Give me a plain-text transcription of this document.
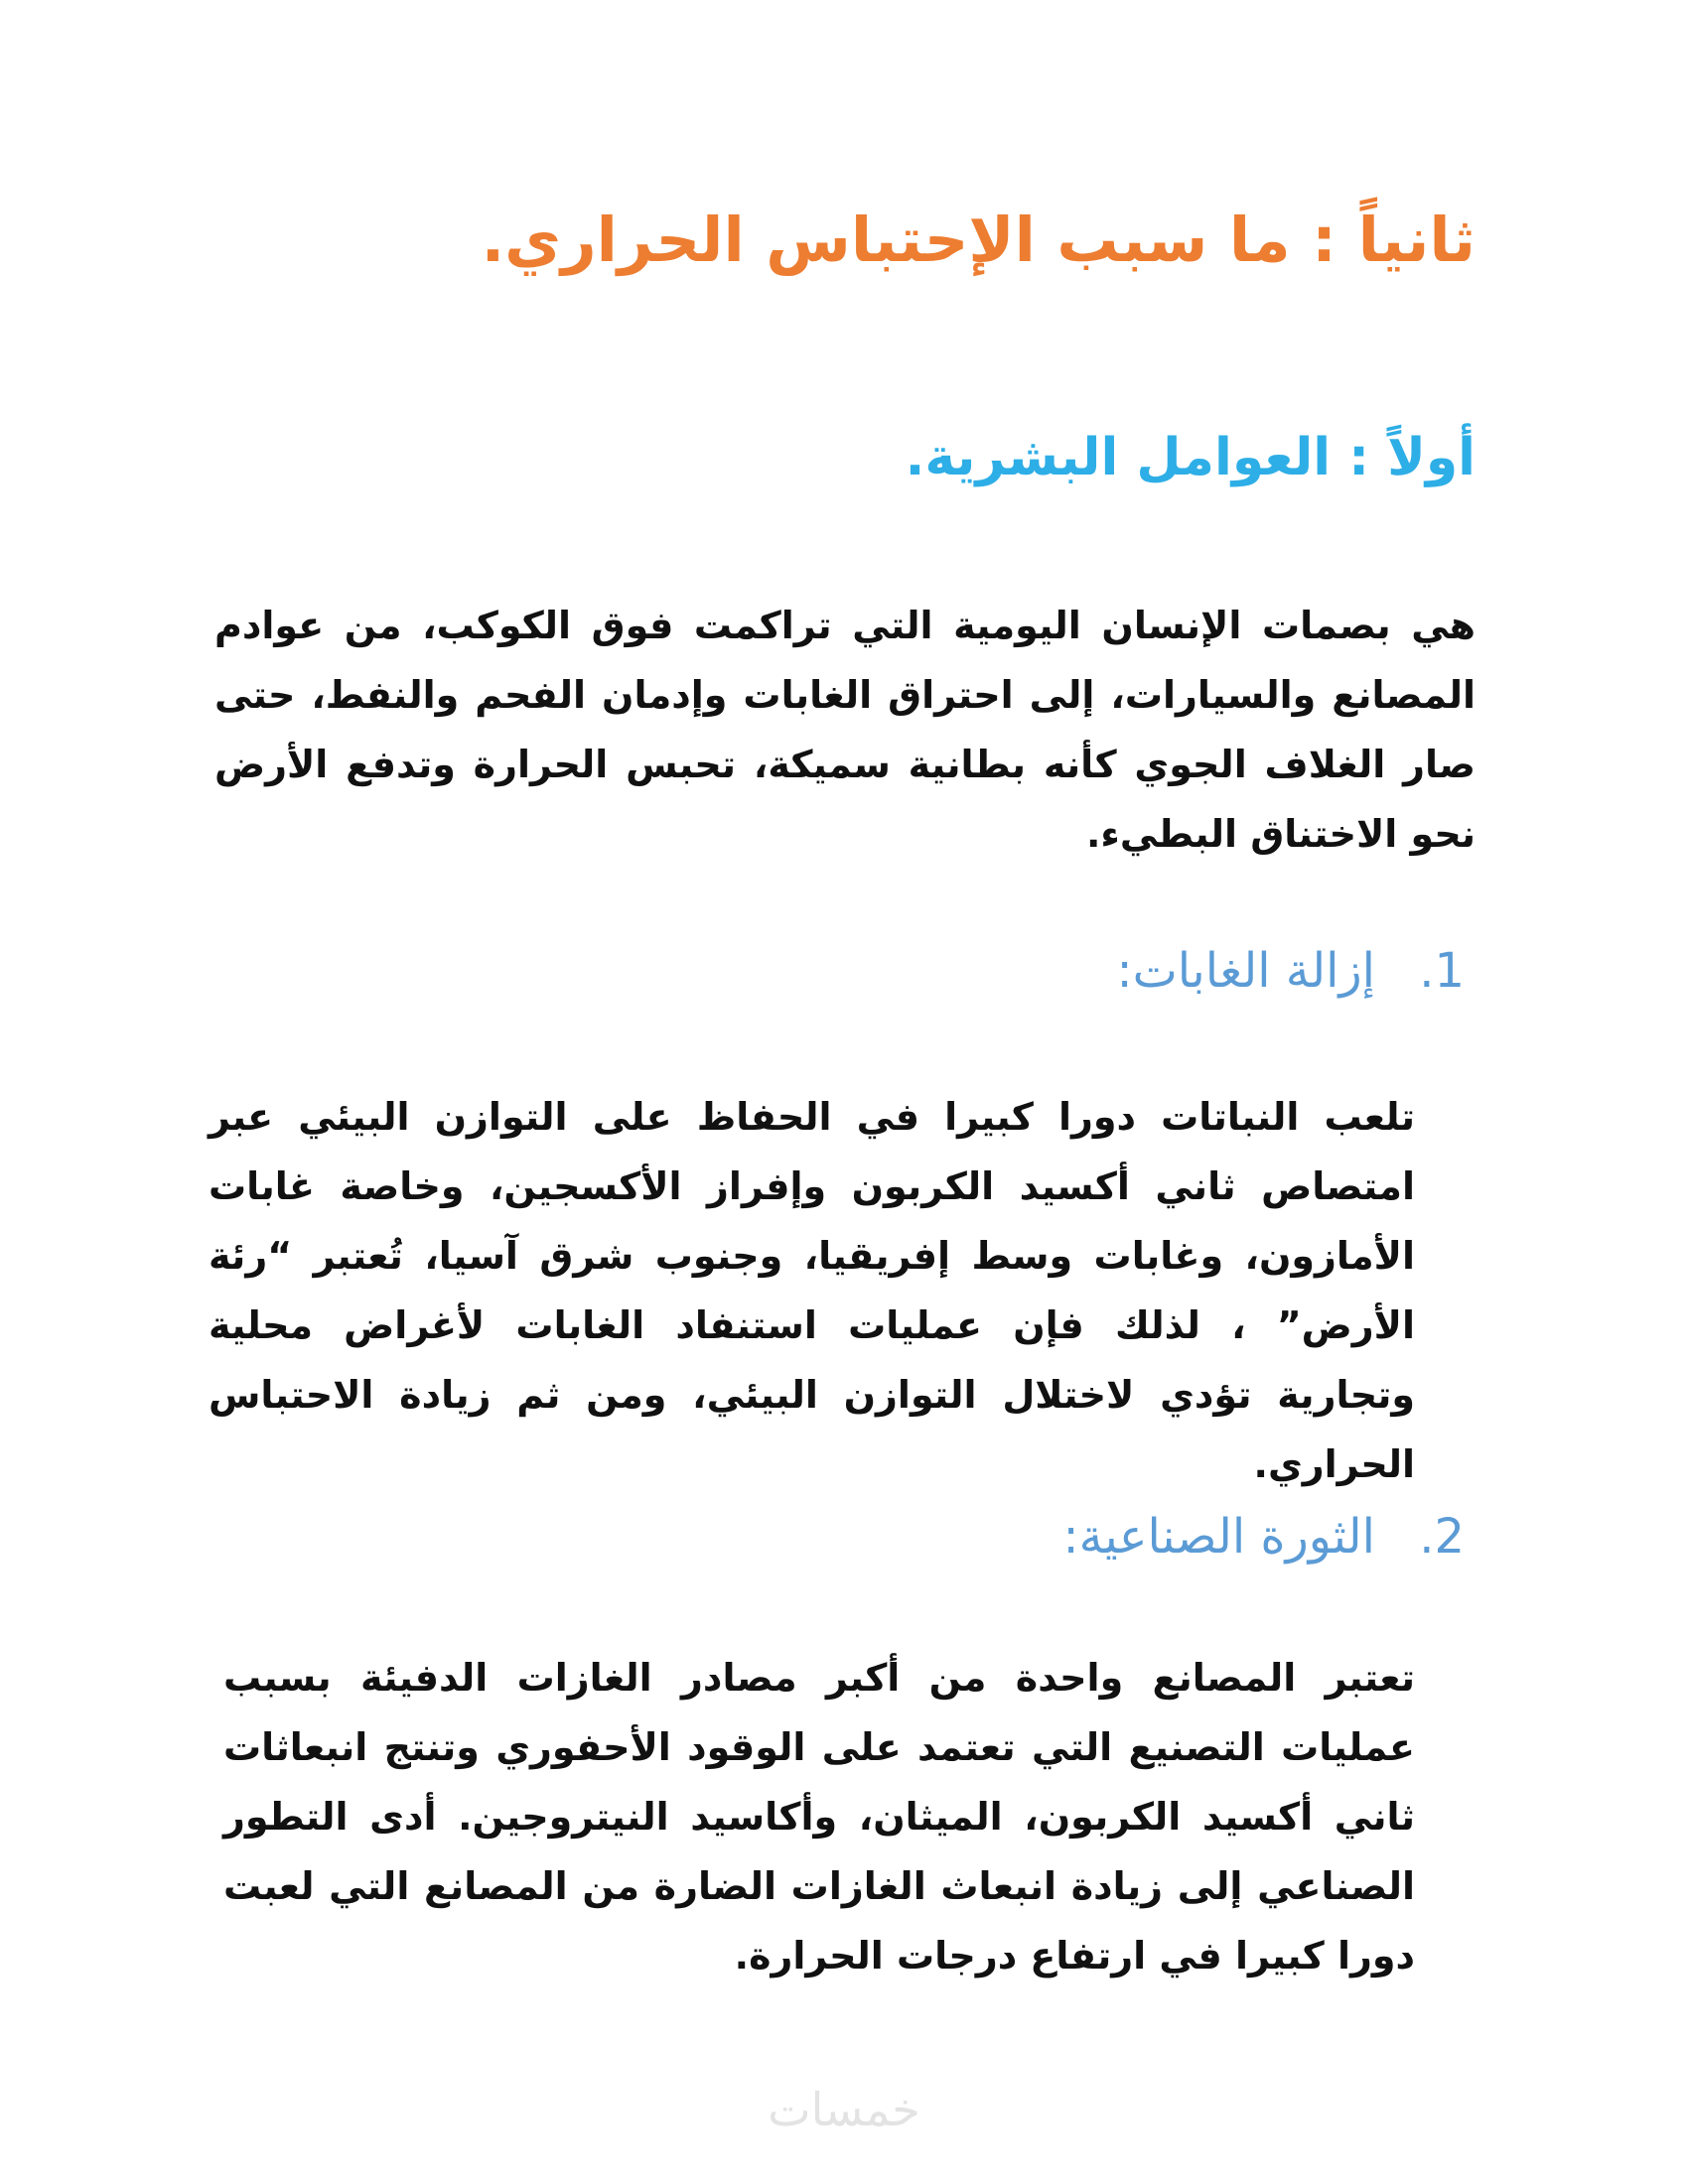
ثانياً : ما سبب الإحتباس الحراري.
أولاً : العوامل البشرية.

هي بصمات الإنسان اليومية التي تراكمت فوق الكوكب، من عوادم المصانع والسيارات، إلى احتراق الغابات وإدمان الفحم والنفط، حتى صار الغلاف الجوي كأنه بطانية سميكة، تحبس الحرارة وتدفع الأرض نحو الاختناق البطيء.

1.
إزالة الغابات:

تلعب النباتات دورا كبيرا في الحفاظ على التوازن البيئي عبر امتصاص ثاني أكسيد الكربون وإفراز الأكسجين، وخاصة غابات الأمازون، وغابات وسط إفريقيا، وجنوب شرق آسيا، تُعتبر “رئة الأرض” ، لذلك فإن عمليات استنفاد الغابات لأغراض محلية وتجارية تؤدي لاختلال التوازن البيئي، ومن ثم زيادة الاحتباس الحراري.

2.
الثورة الصناعية:

تعتبر المصانع واحدة من أكبر مصادر الغازات الدفيئة بسبب عمليات التصنيع التي تعتمد على الوقود الأحفوري وتنتج انبعاثات ثاني أكسيد الكربون، الميثان، وأكاسيد النيتروجين. أدى التطور الصناعي إلى زيادة انبعاث الغازات الضارة من المصانع التي لعبت دورا كبيرا في ارتفاع درجات الحرارة.

خمسات
